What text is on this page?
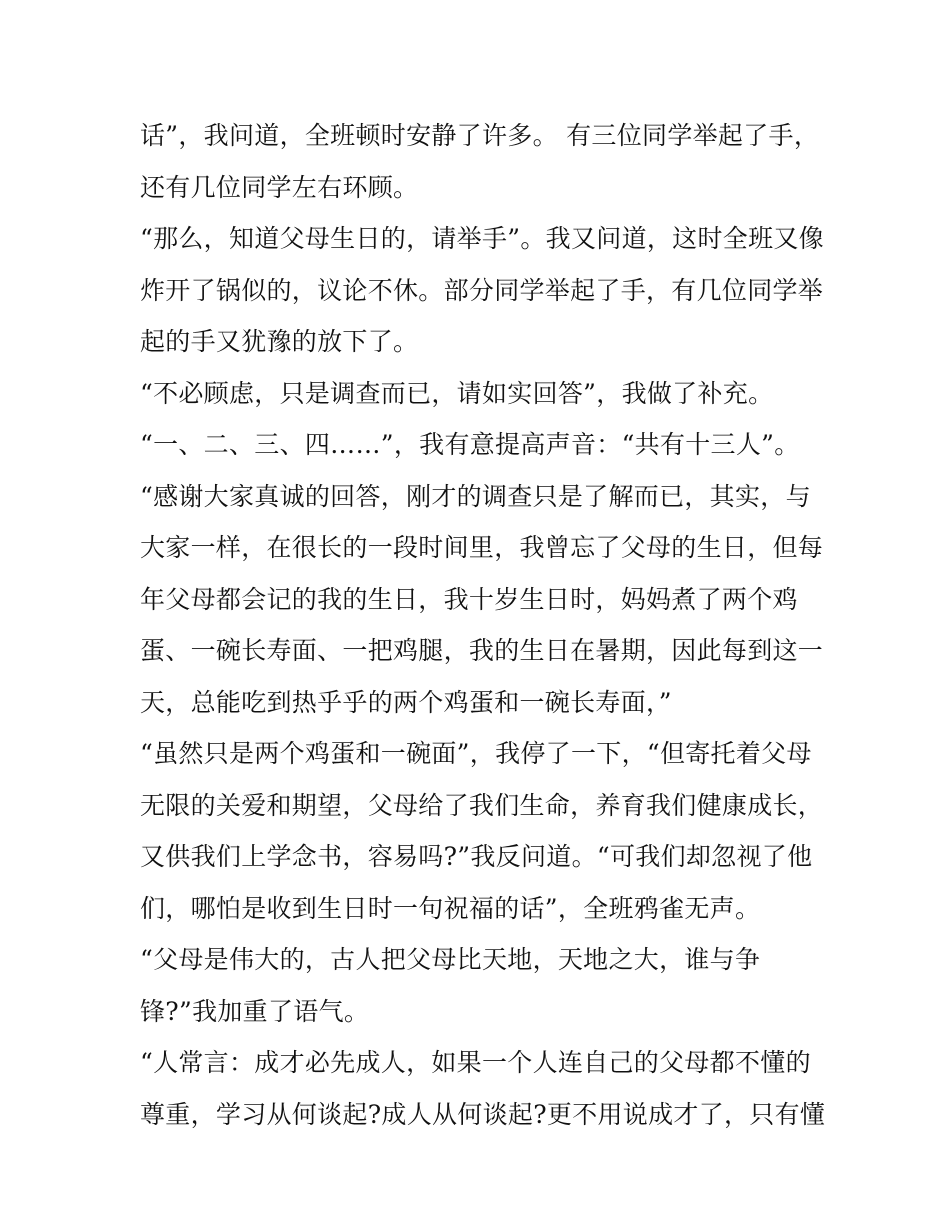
话”，我问道，全班顿时安静了许多。 有三位同学举起了手，
还有几位同学左右环顾。
“那么，知道父母生日的，请举手”。我又问道，这时全班又像
炸开了锅似的，议论不休。部分同学举起了手，有几位同学举
起的手又犹豫的放下了。
“不必顾虑，只是调查而已，请如实回答”，我做了补充。
“一、二、三、四……”，我有意提高声音：“共有十三人”。
“感谢大家真诚的回答，刚才的调查只是了解而已，其实，与
大家一样，在很长的一段时间里，我曾忘了父母的生日，但每
年父母都会记的我的生日，我十岁生日时，妈妈煮了两个鸡
蛋、一碗长寿面、一把鸡腿，我的生日在暑期，因此每到这一
天，总能吃到热乎乎的两个鸡蛋和一碗长寿面，”
“虽然只是两个鸡蛋和一碗面”，我停了一下，“但寄托着父母
无限的关爱和期望，父母给了我们生命，养育我们健康成长，
又供我们上学念书，容易吗?”我反问道。“可我们却忽视了他
们，哪怕是收到生日时一句祝福的话”，全班鸦雀无声。
“父母是伟大的，古人把父母比天地，天地之大，谁与争
锋?”我加重了语气。
“人常言：成才必先成人，如果一个人连自己的父母都不懂的
尊重，学习从何谈起?成人从何谈起?更不用说成才了，只有懂
